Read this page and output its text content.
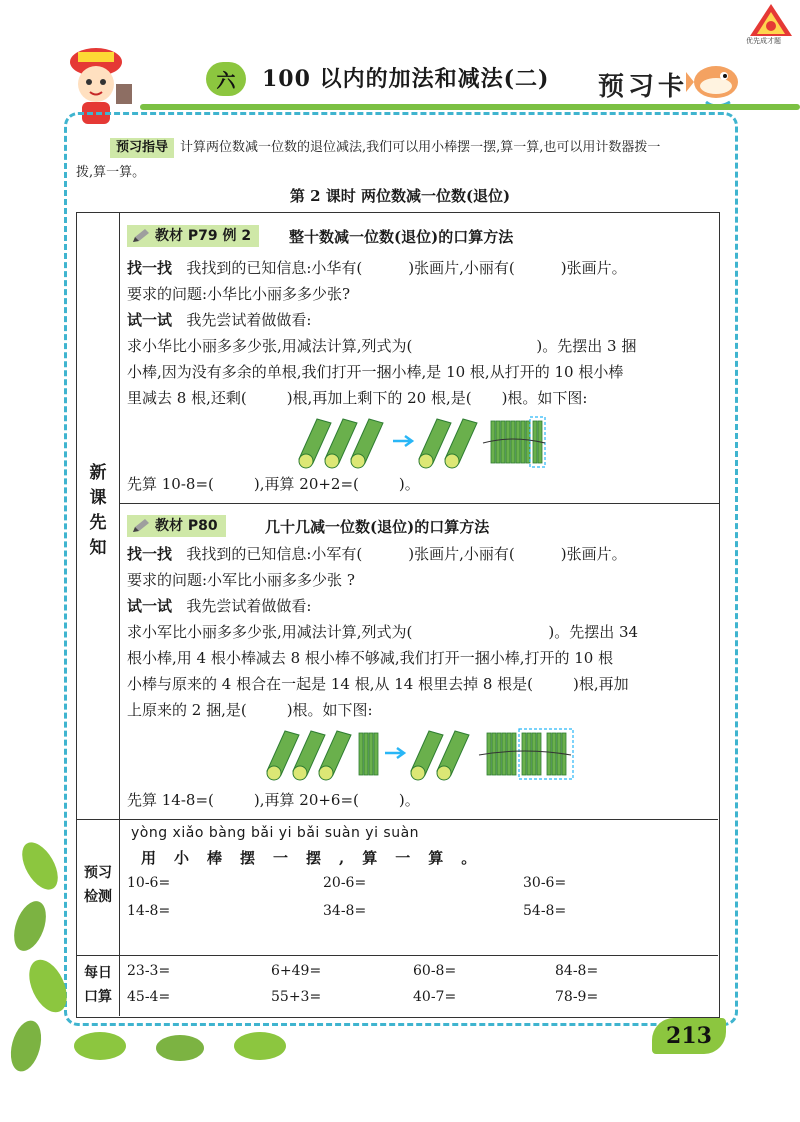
优先成才题
六	100 以内的加法和减法(二) 预习卡
预习指导 计算两位数减一位数的退位减法,我们可以用小棒摆一摆,算一算,也可以用计数器拨一
拨,算一算。
第 2 课时 两位数减一位数(退位)
新
课
先
知
预习
检测
每日
口算
教材 P79 例 2	整十数减一位数(退位)的口算方法
找一找 我找到的已知信息:小华有(	)张画片,小丽有(	)张画片。
要求的问题:小华比小丽多多少张?
试一试 我先尝试着做做看:
求小华比小丽多多少张,用减法计算,列式为(	)。先摆出 3 捆
小棒,因为没有多余的单根,我们打开一捆小棒,是 10 根,从打开的 10 根小棒
里减去 8 根,还剩(	)根,再加上剩下的 20 根,是( )根。如下图:
先算 10-8=(	),再算 20+2=(	)。
教材 P80	几十几减一位数(退位)的口算方法
找一找 我找到的已知信息:小军有(	)张画片,小丽有(	)张画片。
要求的问题:小军比小丽多多少张 ?
试一试 我先尝试着做做看:
求小军比小丽多多少张,用减法计算,列式为(	)。先摆出 34
根小棒,用 4 根小棒减去 8 根小棒不够减,我们打开一捆小棒,打开的 10 根
小棒与原来的 4 根合在一起是 14 根,从 14 根里去掉 8 根是(	)根,再加
上原来的 2 捆,是(	)根。如下图:
先算 14-8=(	),再算 20+6=(	)。
yòng xiǎo bàng bǎi yi bǎi suàn yi suàn
用小棒摆一摆,算一算。
10-6=	20-6=	30-6=
14-8=	34-8=	54-8=
23-3=	6+49=	60-8=	84-8=
45-4=	55+3=	40-7=	78-9=
213
